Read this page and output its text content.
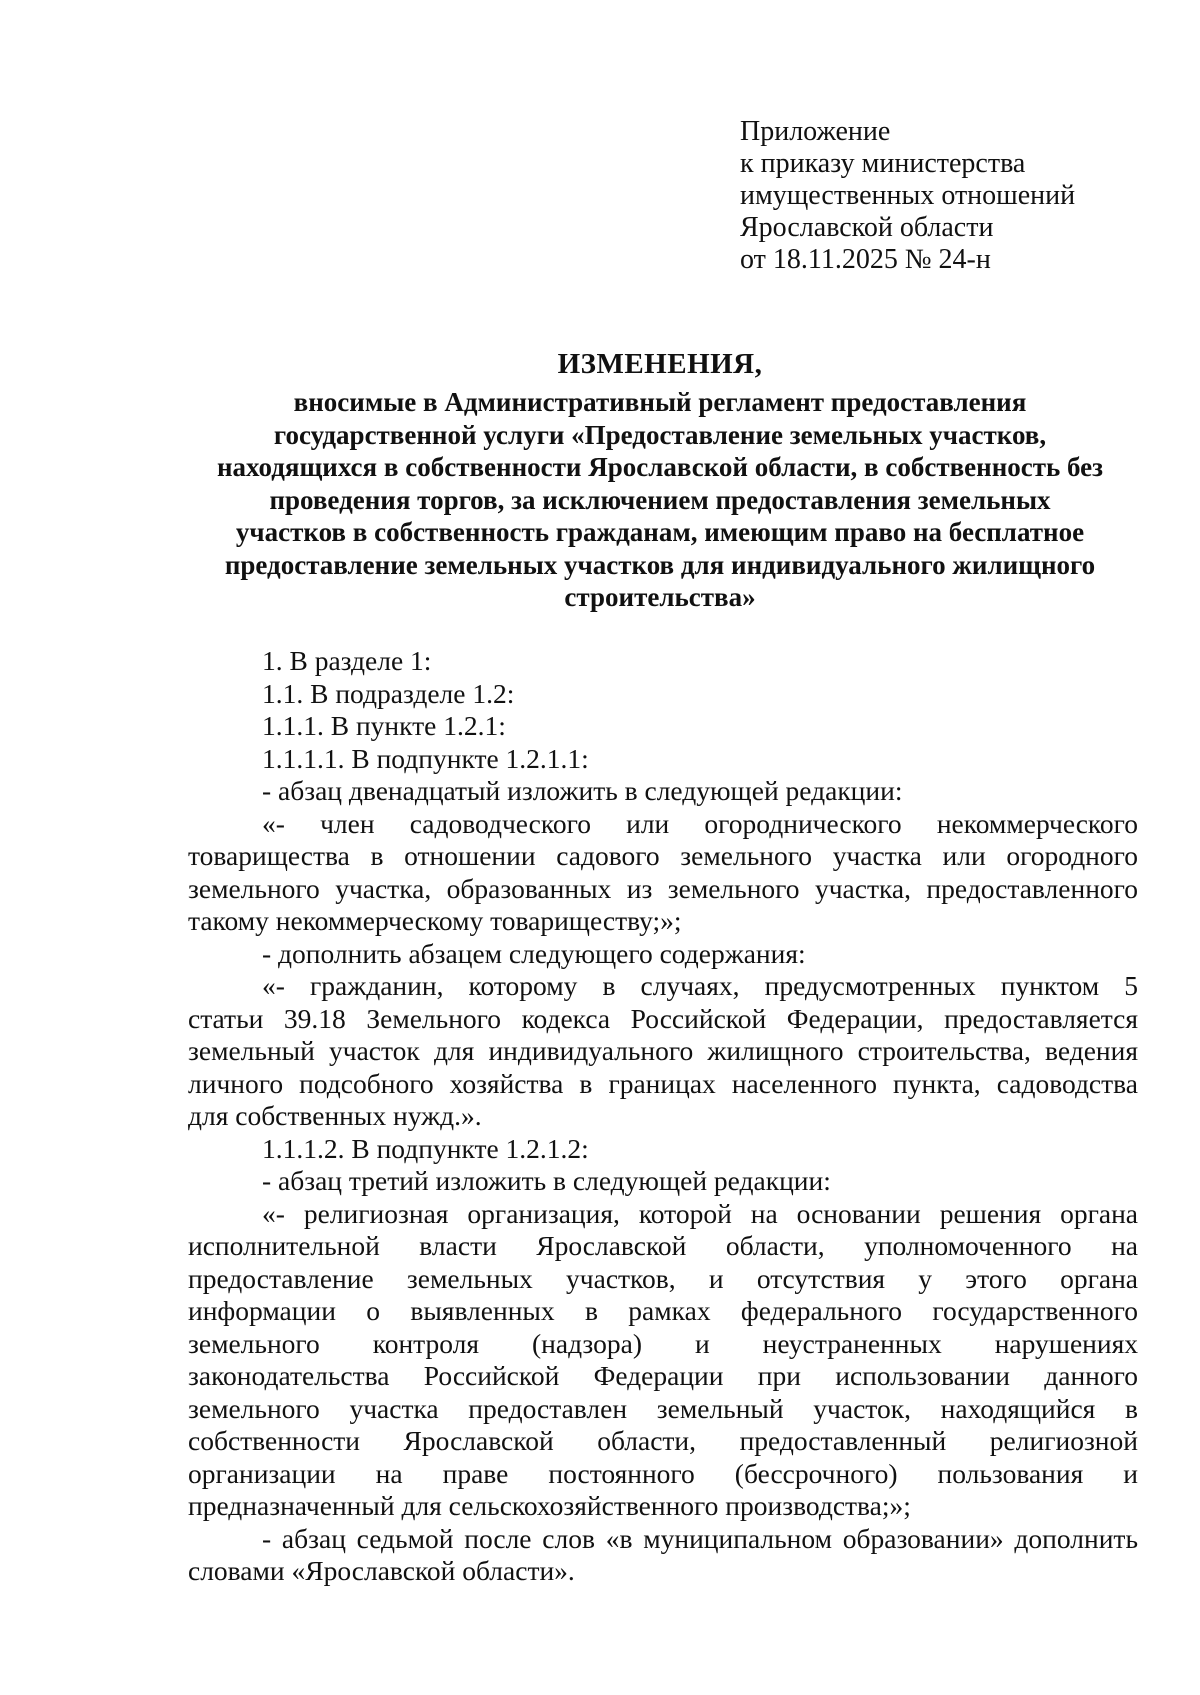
Приложение
к приказу министерства
имущественных отношений
Ярославской области
от 18.11.2025 № 24-н
ИЗМЕНЕНИЯ,
вносимые в Административный регламент предоставления
государственной услуги «Предоставление земельных участков,
находящихся в собственности Ярославской области, в собственность без
проведения торгов, за исключением предоставления земельных
участков в собственность гражданам, имеющим право на бесплатное
предоставление земельных участков для индивидуального жилищного
строительства»
1. В разделе 1:
1.1. В подразделе 1.2:
1.1.1. В пункте 1.2.1:
1.1.1.1. В подпункте 1.2.1.1:
- абзац двенадцатый изложить в следующей редакции:
«- член садоводческого или огороднического некоммерческого
товарищества в отношении садового земельного участка или огородного
земельного участка, образованных из земельного участка, предоставленного
такому некоммерческому товариществу;»;
- дополнить абзацем следующего содержания:
«- гражданин, которому в случаях, предусмотренных пунктом 5
статьи 39.18 Земельного кодекса Российской Федерации, предоставляется
земельный участок для индивидуального жилищного строительства, ведения
личного подсобного хозяйства в границах населенного пункта, садоводства
для собственных нужд.».
1.1.1.2. В подпункте 1.2.1.2:
- абзац третий изложить в следующей редакции:
«- религиозная организация, которой на основании решения органа
исполнительной власти Ярославской области, уполномоченного на
предоставление земельных участков, и отсутствия у этого органа
информации о выявленных в рамках федерального государственного
земельного контроля (надзора) и неустраненных нарушениях
законодательства Российской Федерации при использовании данного
земельного участка предоставлен земельный участок, находящийся в
собственности Ярославской области, предоставленный религиозной
организации на праве постоянного (бессрочного) пользования и
предназначенный для сельскохозяйственного производства;»;
- абзац седьмой после слов «в муниципальном образовании» дополнить
словами «Ярославской области».
